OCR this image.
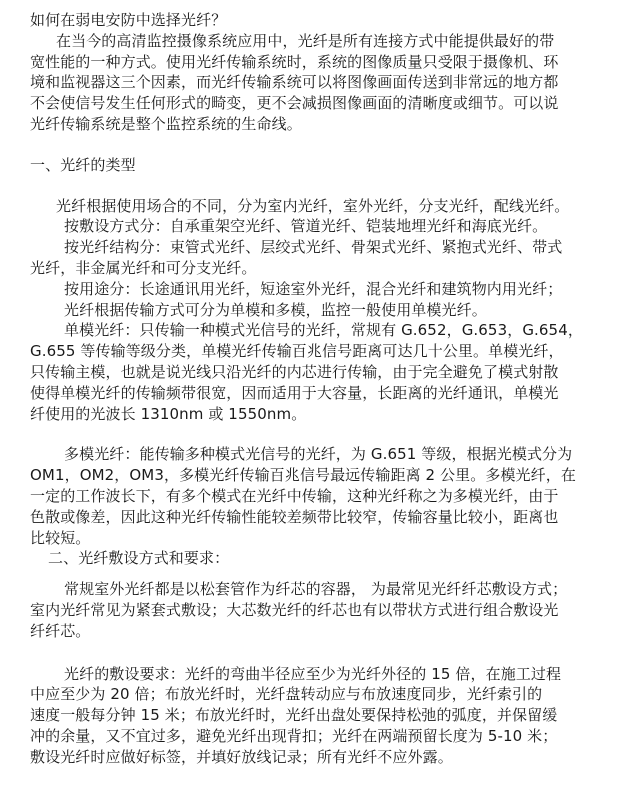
如何在弱电安防中选择光纤？
在当今的高清监控摄像系统应用中，光纤是所有连接方式中能提供最好的带
宽性能的一种方式。使用光纤传输系统时，系统的图像质量只受限于摄像机、环
境和监视器这三个因素，而光纤传输系统可以将图像画面传送到非常远的地方都
不会使信号发生任何形式的畸变，更不会减损图像画面的清晰度或细节。可以说
光纤传输系统是整个监控系统的生命线。
一、光纤的类型
光纤根据使用场合的不同，分为室内光纤，室外光纤，分支光纤，配线光纤。
按敷设方式分：自承重架空光纤、管道光纤、铠装地埋光纤和海底光纤。
按光纤结构分：束管式光纤、层绞式光纤、骨架式光纤、紧抱式光纤、带式
光纤，非金属光纤和可分支光纤。
按用途分：长途通讯用光纤，短途室外光纤，混合光纤和建筑物内用光纤；
光纤根据传输方式可分为单模和多模，监控一般使用单模光纤。
单模光纤：只传输一种模式光信号的光纤，常规有 G.652，G.653，G.654，
G.655 等传输等级分类，单模光纤传输百兆信号距离可达几十公里。单模光纤，
只传输主模，也就是说光线只沿光纤的内芯进行传输，由于完全避免了模式射散
使得单模光纤的传输频带很宽，因而适用于大容量，长距离的光纤通讯，单模光
纤使用的光波长 1310nm 或 1550nm。
多模光纤：能传输多种模式光信号的光纤，为 G.651 等级，根据光模式分为
OM1，OM2，OM3，多模光纤传输百兆信号最远传输距离 2 公里。多模光纤，在
一定的工作波长下，有多个模式在光纤中传输，这种光纤称之为多模光纤，由于
色散或像差，因此这种光纤传输性能较差频带比较窄，传输容量比较小，距离也
比较短。
二、光纤敷设方式和要求：
常规室外光纤都是以松套管作为纤芯的容器， 为最常见光纤纤芯敷设方式；
室内光纤常见为紧套式敷设；大芯数光纤的纤芯也有以带状方式进行组合敷设光
纤纤芯。
光纤的敷设要求：光纤的弯曲半径应至少为光纤外径的 15 倍，在施工过程
中应至少为 20 倍；布放光纤时，光纤盘转动应与布放速度同步，光纤索引的
速度一般每分钟 15 米；布放光纤时，光纤出盘处要保持松弛的弧度，并保留缓
冲的余量，又不宜过多，避免光纤出现背扣；光纤在两端预留长度为 5-10 米；
敷设光纤时应做好标签，并填好放线记录；所有光纤不应外露。
